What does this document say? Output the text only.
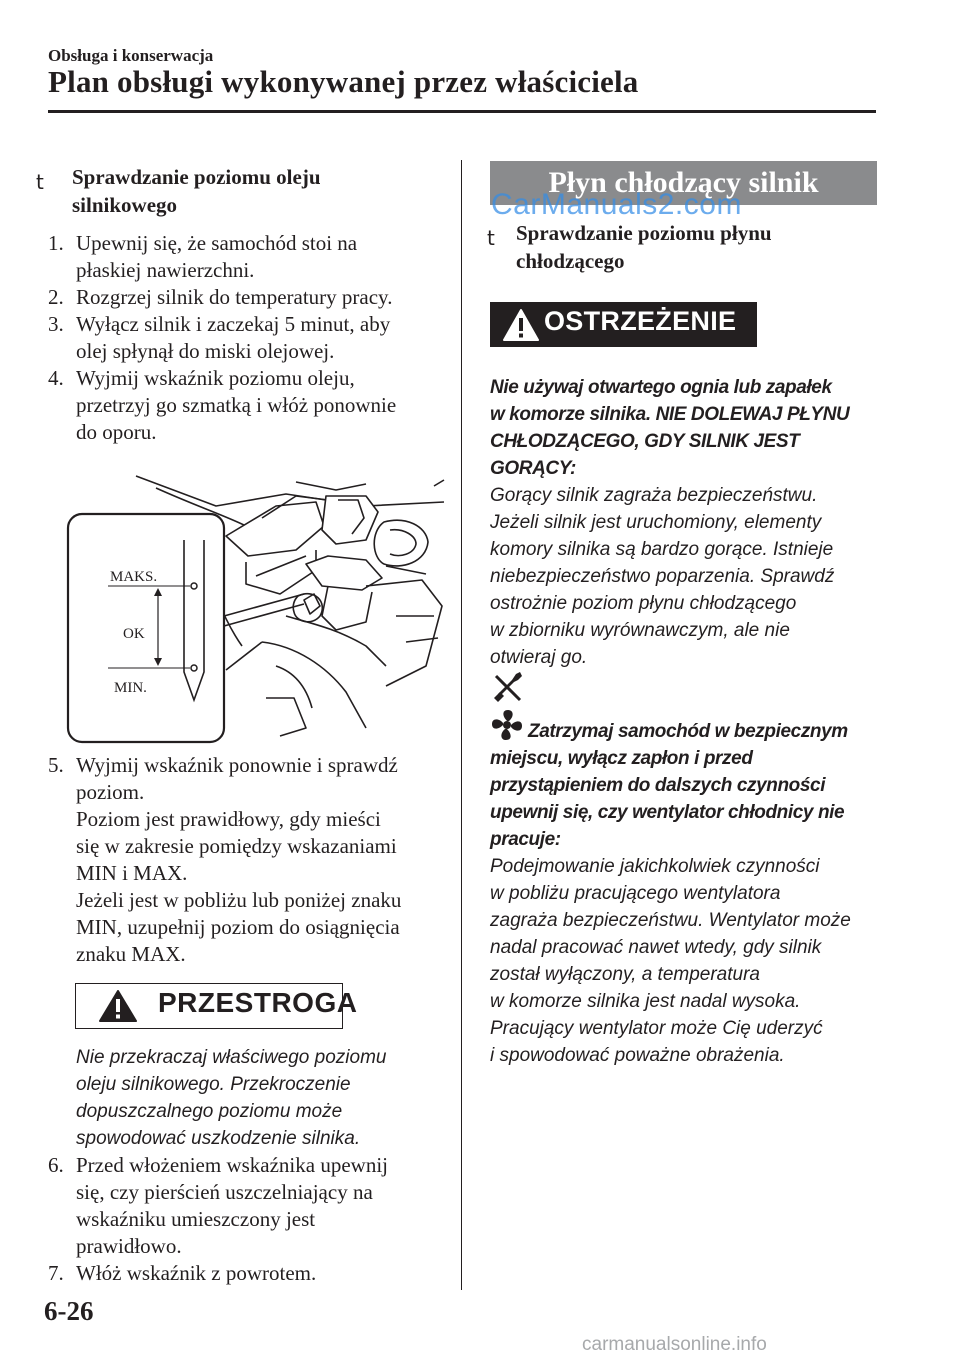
Obsługa i konserwacja
Plan obsługi wykonywanej przez właściciela
t Sprawdzanie poziomu oleju
silnikowego
1. Upewnij się, że samochód stoi na
płaskiej nawierzchni.
2. Rozgrzej silnik do temperatury pracy.
3. Wyłącz silnik i zaczekaj 5 minut, aby
olej spłynął do miski olejowej.
4. Wyjmij wskaźnik poziomu oleju,
przetrzyj go szmatką i włóż ponownie
do oporu.
MAKS.
OK
MIN.
5. Wyjmij wskaźnik ponownie i sprawdź
poziom.
Poziom jest prawidłowy, gdy mieści
się w zakresie pomiędzy wskazaniami
MIN i MAX.
Jeżeli jest w pobliżu lub poniżej znaku
MIN, uzupełnij poziom do osiągnięcia
znaku MAX.
PRZESTROGA
Nie przekraczaj właściwego poziomu
oleju silnikowego. Przekroczenie
dopuszczalnego poziomu może
spowodować uszkodzenie silnika.
6. Przed włożeniem wskaźnika upewnij
się, czy pierścień uszczelniający na
wskaźniku umieszczony jest
prawidłowo.
7. Włóż wskaźnik z powrotem.
Płyn chłodzący silnik
CarManuals2.com
t Sprawdzanie poziomu płynu
chłodzącego
OSTRZEŻENIE
Nie używaj otwartego ognia lub zapałek
w komorze silnika. NIE DOLEWAJ PŁYNU
CHŁODZĄCEGO, GDY SILNIK JEST GORĄCY:
Gorący silnik zagraża bezpieczeństwu.
Jeżeli silnik jest uruchomiony, elementy
komory silnika są bardzo gorące. Istnieje
niebezpieczeństwo poparzenia. Sprawdź
ostrożnie poziom płynu chłodzącego
w zbiorniku wyrównawczym, ale nie
otwieraj go.
Zatrzymaj samochód w bezpiecznym
miejscu, wyłącz zapłon i przed
przystąpieniem do dalszych czynności
upewnij się, czy wentylator chłodnicy nie
pracuje:
Podejmowanie jakichkolwiek czynności
w pobliżu pracującego wentylatora
zagraża bezpieczeństwu. Wentylator może
nadal pracować nawet wtedy, gdy silnik
został wyłączony, a temperatura
w komorze silnika jest nadal wysoka.
Pracujący wentylator może Cię uderzyć
i spowodować poważne obrażenia.
6-26
carmanualsonline.info
